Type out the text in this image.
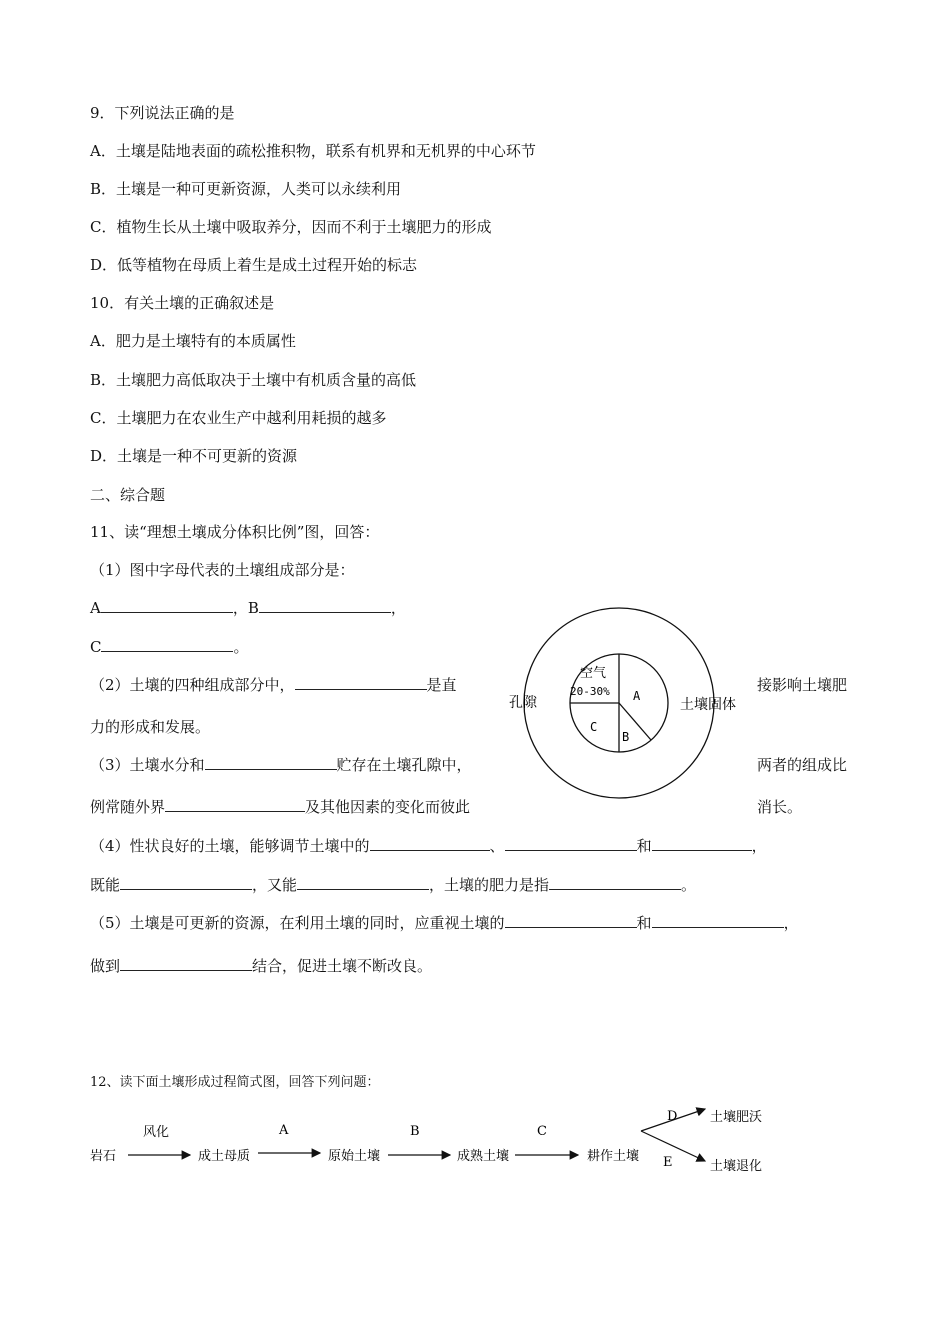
9．下列说法正确的是
A．土壤是陆地表面的疏松推积物，联系有机界和无机界的中心环节
B．土壤是一种可更新资源，人类可以永续利用
C．植物生长从土壤中吸取养分，因而不利于土壤肥力的形成
D．低等植物在母质上着生是成土过程开始的标志
10．有关土壤的正确叙述是
A．肥力是土壤特有的本质属性
B．土壤肥力高低取决于土壤中有机质含量的高低
C．土壤肥力在农业生产中越利用耗损的越多
D．土壤是一种不可更新的资源
二、综合题
11、读“理想土壤成分体积比例”图，回答：
（1）图中字母代表的土壤组成部分是：
A	，B	，
C	。
（2）土壤的四种组成部分中，	是直	接影响土壤肥
力的形成和发展。
（3）土壤水分和	贮存在土壤孔隙中，	两者的组成比
例常随外界	及其他因素的变化而彼此	消长。
（4）性状良好的土壤，能够调节土壤中的	、	和	，
既能	，又能	，土壤的肥力是指	。
（5）土壤是可更新的资源，在利用土壤的同时，应重视土壤的	和	，
做到	结合，促进土壤不断改良。
孔隙	土壤固体
空气
20-30% A
B
C
12、读下面土壤形成过程简式图，回答下列问题：
岩石	成土母质	原始土壤	成熟土壤	耕作土壤
风化	A	B	C
D
E
土壤肥沃
土壤退化
